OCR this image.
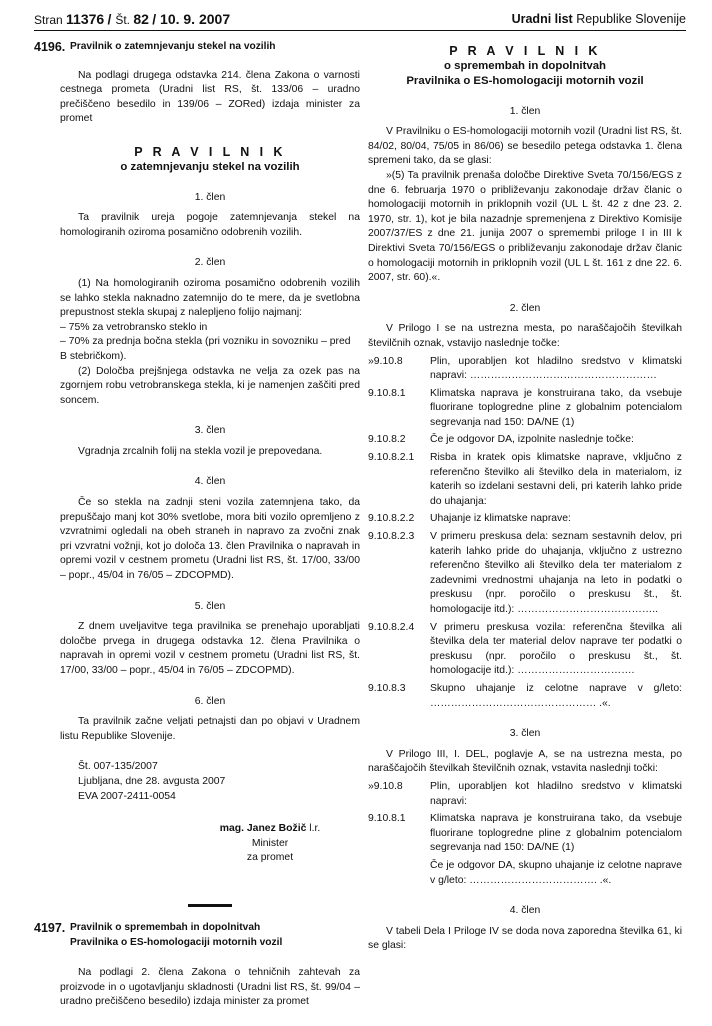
Stran 11376 / Št. 82 / 10. 9. 2007	Uradni list Republike Slovenije
4196. Pravilnik o zatemnjevanju stekel na vozilih

Na podlagi drugega odstavka 214. člena Zakona o varnosti cestnega prometa (Uradni list RS, št. 133/06 – uradno prečiščeno besedilo in 139/06 – ZORed) izdaja minister za promet

P R A V I L N I K
o zatemnjevanju stekel na vozilih

1. člen

Ta pravilnik ureja pogoje zatemnjevanja stekel na homologiranih oziroma posamično odobrenih vozilih.

2. člen

(1) Na homologiranih oziroma posamično odobrenih vozilih se lahko stekla naknadno zatemnijo do te mere, da je svetlobna prepustnost stekla skupaj z nalepljeno folijo najmanj:

– 75% za vetrobransko steklo in

– 70% za prednja bočna stekla (pri vozniku in sovozniku – pred B stebričkom).

(2) Določba prejšnjega odstavka ne velja za ozek pas na zgornjem robu vetrobranskega stekla, ki je namenjen zaščiti pred soncem.

3. člen

Vgradnja zrcalnih folij na stekla vozil je prepovedana.

4. člen

Če so stekla na zadnji steni vozila zatemnjena tako, da prepuščajo manj kot 30% svetlobe, mora biti vozilo opremljeno z vzvratnimi ogledali na obeh straneh in napravo za zvočni znak pri vzvratni vožnji, kot jo določa 13. člen Pravilnika o napravah in opremi vozil v cestnem prometu (Uradni list RS, št. 17/00, 33/00 – popr., 45/04 in 76/05 – ZDCOPMD).

5. člen

Z dnem uveljavitve tega pravilnika se prenehajo uporabljati določbe prvega in drugega odstavka 12. člena Pravilnika o napravah in opremi vozil v cestnem prometu (Uradni list RS, št. 17/00, 33/00 – popr., 45/04 in 76/05 – ZDCOPMD).

6. člen

Ta pravilnik začne veljati petnajsti dan po objavi v Uradnem listu Republike Slovenije.

Št. 007-135/2007

Ljubljana, dne 28. avgusta 2007

EVA 2007-2411-0054

mag. Janez Božič l.r.
Minister
za promet
4197. Pravilnik o spremembah in dopolnitvah
Pravilnika o ES-homologaciji motornih vozil

Na podlagi 2. člena Zakona o tehničnih zahtevah za proizvode in o ugotavljanju skladnosti (Uradni list RS, št. 99/04 – uradno prečiščeno besedilo) izdaja minister za promet

P R A V I L N I K
o spremembah in dopolnitvah
Pravilnika o ES-homologaciji motornih vozil

1. člen

V Pravilniku o ES-homologaciji motornih vozil (Uradni list RS, št. 84/02, 80/04, 75/05 in 86/06) se besedilo petega odstavka 1. člena spremeni tako, da se glasi:

»(5) Ta pravilnik prenaša določbe Direktive Sveta 70/156/EGS z dne 6. februarja 1970 o približevanju zakonodaje držav članic o homologaciji motornih in priklopnih vozil (UL L št. 42 z dne 23. 2. 1970, str. 1), kot je bila nazadnje spremenjena z Direktivo Komisije 2007/37/ES z dne 21. junija 2007 o spremembi priloge I in III k Direktivi Sveta 70/156/EGS o približevanju zakonodaje držav članic o homologaciji motornih in priklopnih vozil (UL L št. 161 z dne 22. 6. 2007, str. 60).«.

2. člen

V Prilogo I se na ustrezna mesta, po naraščajočih številkah številčnih oznak, vstavijo naslednje točke:

»9.10.8	Plin, uporabljen kot hladilno sredstvo v klimatski napravi: ………………………………………………
9.10.8.1	Klimatska naprava je konstruirana tako, da vsebuje fluorirane toplogredne pline z globalnim potencialom segrevanja nad 150: DA/NE (1)
9.10.8.2	Če je odgovor DA, izpolnite naslednje točke:
9.10.8.2.1	Risba in kratek opis klimatske naprave, vključno z referenčno številko ali številko dela in materialom, iz katerih so izdelani sestavni deli, pri katerih lahko pride do uhajanja:
9.10.8.2.2	Uhajanje iz klimatske naprave:
9.10.8.2.3	V primeru preskusa dela: seznam sestavnih delov, pri katerih lahko pride do uhajanja, vključno z ustrezno referenčno številko ali številko dela ter materialom z zadevnimi vrednostmi uhajanja na leto in podatki o preskusu (npr. poročilo o preskusu št., št. homologacije itd.): …………………………………..
9.10.8.2.4	V primeru preskusa vozila: referenčna številka ali številka dela ter material delov naprave ter podatki o preskusu (npr. poročilo o preskusu št., št. homologacije itd.): …………………………….
9.10.8.3	Skupno uhajanje iz celotne naprave v g/leto: ………………………………………… .«.

3. člen

V Prilogo III, I. DEL, poglavje A, se na ustrezna mesta, po naraščajočih številkah številčnih oznak, vstavita naslednji točki:

»9.10.8	Plin, uporabljen kot hladilno sredstvo v klimatski napravi:
9.10.8.1	Klimatska naprava je konstruirana tako, da vsebuje fluorirane toplogredne pline z globalnim potencialom segrevanja nad 150: DA/NE (1)
Če je odgovor DA, skupno uhajanje iz celotne naprave v g/leto: ………………………………. .«.

4. člen

V tabeli Dela I Priloge IV se doda nova zaporedna številka 61, ki se glasi:
